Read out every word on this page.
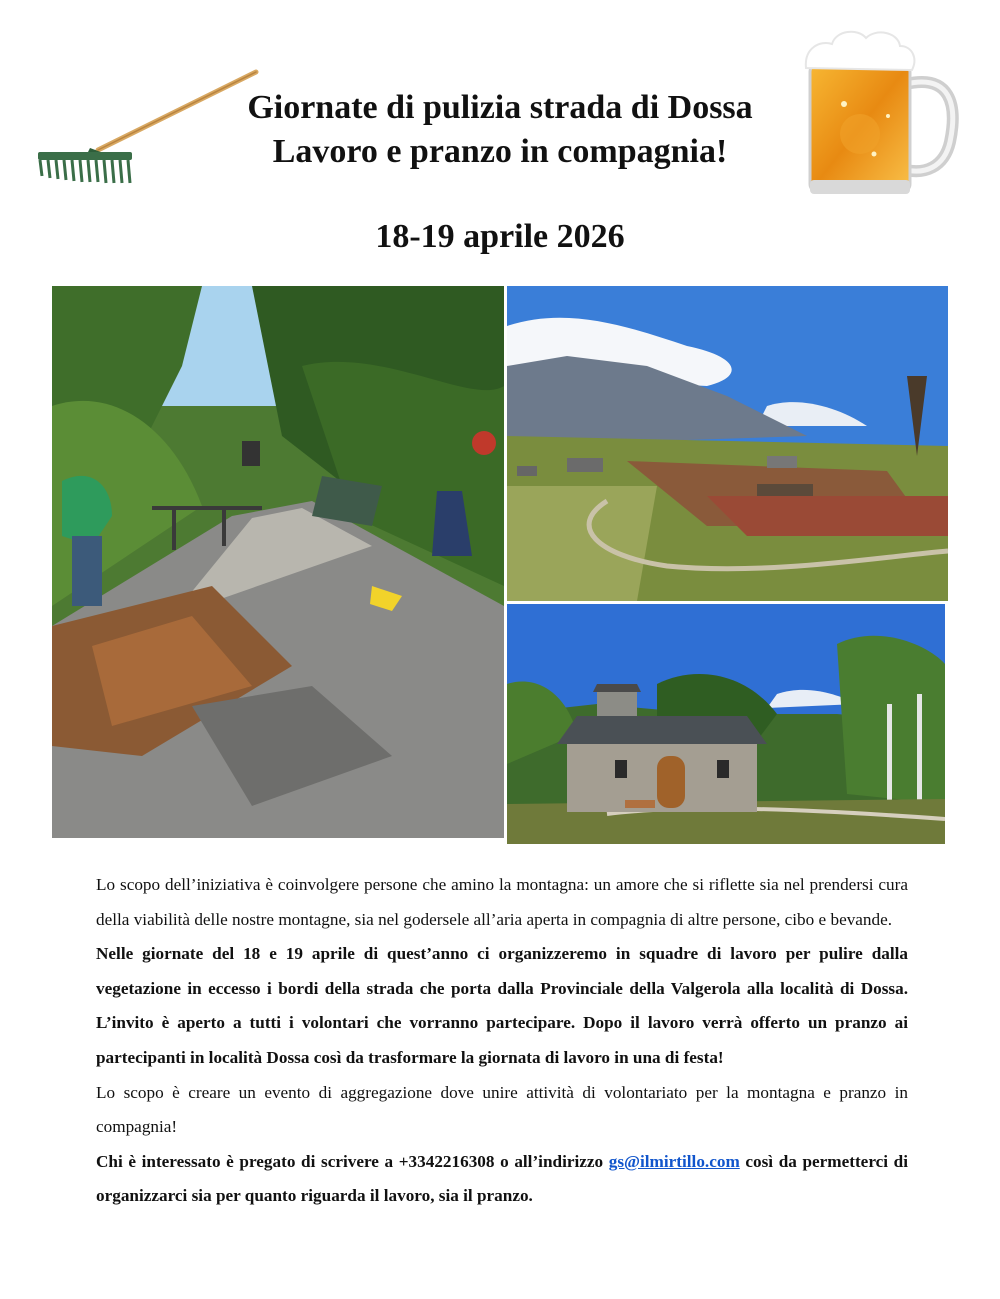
Giornate di pulizia strada di Dossa
Lavoro e pranzo in compagnia!
18-19 aprile 2026

Lo scopo dell’iniziativa è coinvolgere persone che amino la montagna: un amore che si riflette sia nel prendersi cura della viabilità delle nostre montagne, sia nel godersele all’aria aperta in compagnia di altre persone, cibo e bevande.

Nelle giornate del 18 e 19 aprile di quest’anno ci organizzeremo in squadre di lavoro per pulire dalla vegetazione in eccesso i bordi della strada che porta dalla Provinciale della Valgerola alla località di Dossa. L’invito è aperto a tutti i volontari che vorranno partecipare. Dopo il lavoro verrà offerto un pranzo ai partecipanti in località Dossa così da trasformare la giornata di lavoro in una di festa!

Lo scopo è creare un evento di aggregazione dove unire attività di volontariato per la montagna e pranzo in compagnia!

Chi è interessato è pregato di scrivere a +3342216308 o all’indirizzo gs@ilmirtillo.com così da permetterci di organizzarci sia per quanto riguarda il lavoro, sia il pranzo.
